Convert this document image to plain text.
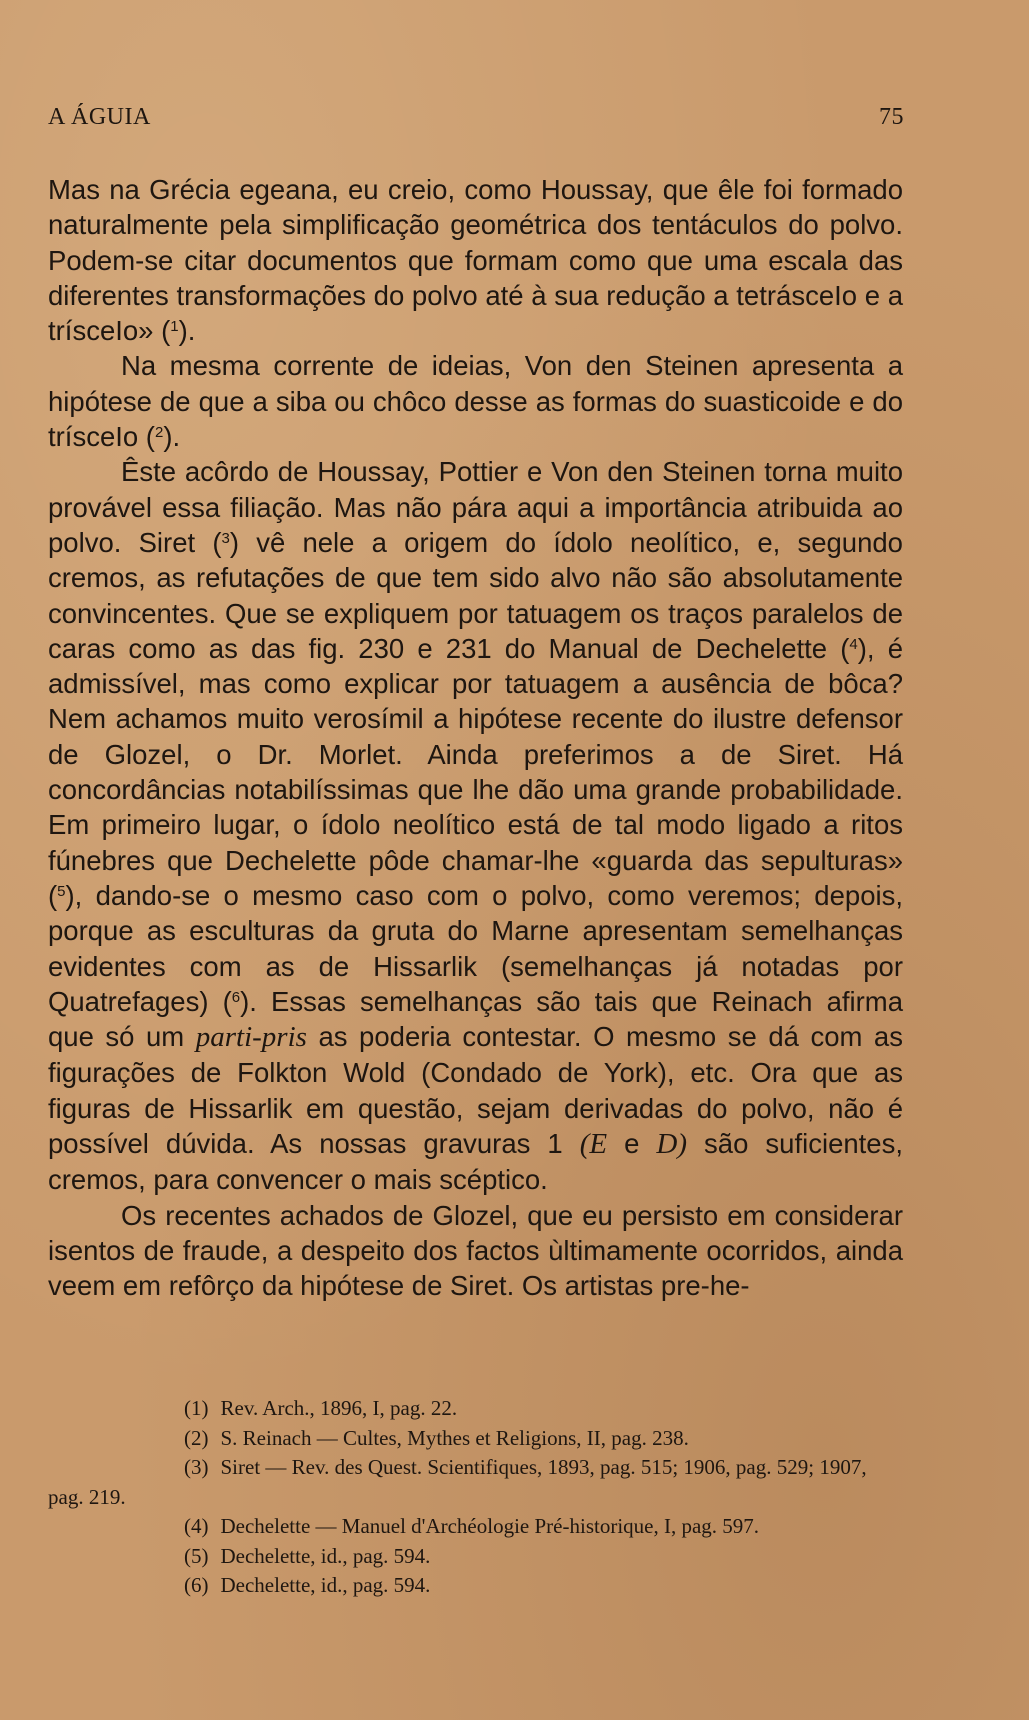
A ÁGUIA	75

Mas na Grécia egeana, eu creio, como Houssay, que êle foi formado naturalmente pela simplificação geométrica dos tentáculos do polvo. Podem-se citar documentos que formam como que uma escala das diferentes transformações do polvo até à sua redução a tetrásceIo e a trísceIo» ($^1$).

Na mesma corrente de ideias, Von den Steinen apresenta a hipótese de que a siba ou chôco desse as formas do suasticoide e do trísceIo ($^2$).

Êste acôrdo de Houssay, Pottier e Von den Steinen torna muito provável essa filiação. Mas não pára aqui a importância atribuida ao polvo. Siret ($^3$) vê nele a origem do ídolo neolítico, e, segundo cremos, as refutações de que tem sido alvo não são absolutamente convincentes. Que se expliquem por tatuagem os traços paralelos de caras como as das fig. 230 e 231 do Manual de Dechelette ($^4$), é admissível, mas como explicar por tatuagem a ausência de bôca? Nem achamos muito verosímil a hipótese recente do ilustre defensor de Glozel, o Dr. Morlet. Ainda preferimos a de Siret. Há concordâncias notabilíssimas que lhe dão uma grande probabilidade. Em primeiro lugar, o ídolo neolítico está de tal modo ligado a ritos fúnebres que Dechelette pôde chamar-lhe «guarda das sepulturas» ($^5$), dando-se o mesmo caso com o polvo, como veremos; depois, porque as esculturas da gruta do Marne apresentam semelhanças evidentes com as de Hissarlik (semelhanças já notadas por Quatrefages) ($^6$). Essas semelhanças são tais que Reinach afirma que só um parti-pris as poderia contestar. O mesmo se dá com as figurações de Folkton Wold (Condado de York), etc. Ora que as figuras de Hissarlik em questão, sejam derivadas do polvo, não é possível dúvida. As nossas gravuras 1 (E e D) são suficientes, cremos, para convencer o mais scéptico.

Os recentes achados de Glozel, que eu persisto em considerar isentos de fraude, a despeito dos factos ùltimamente ocorridos, ainda veem em refôrço da hipótese de Siret. Os artistas pre-he-

(1) Rev. Arch., 1896, I, pag. 22.

(2) S. Reinach — Cultes, Mythes et Religions, II, pag. 238.

(3) Siret — Rev. des Quest. Scientifiques, 1893, pag. 515; 1906, pag. 529; 1907, pag. 219.

(4) Dechelette — Manuel d'Archéologie Pré-historique, I, pag. 597.

(5) Dechelette, id., pag. 594.

(6) Dechelette, id., pag. 594.
